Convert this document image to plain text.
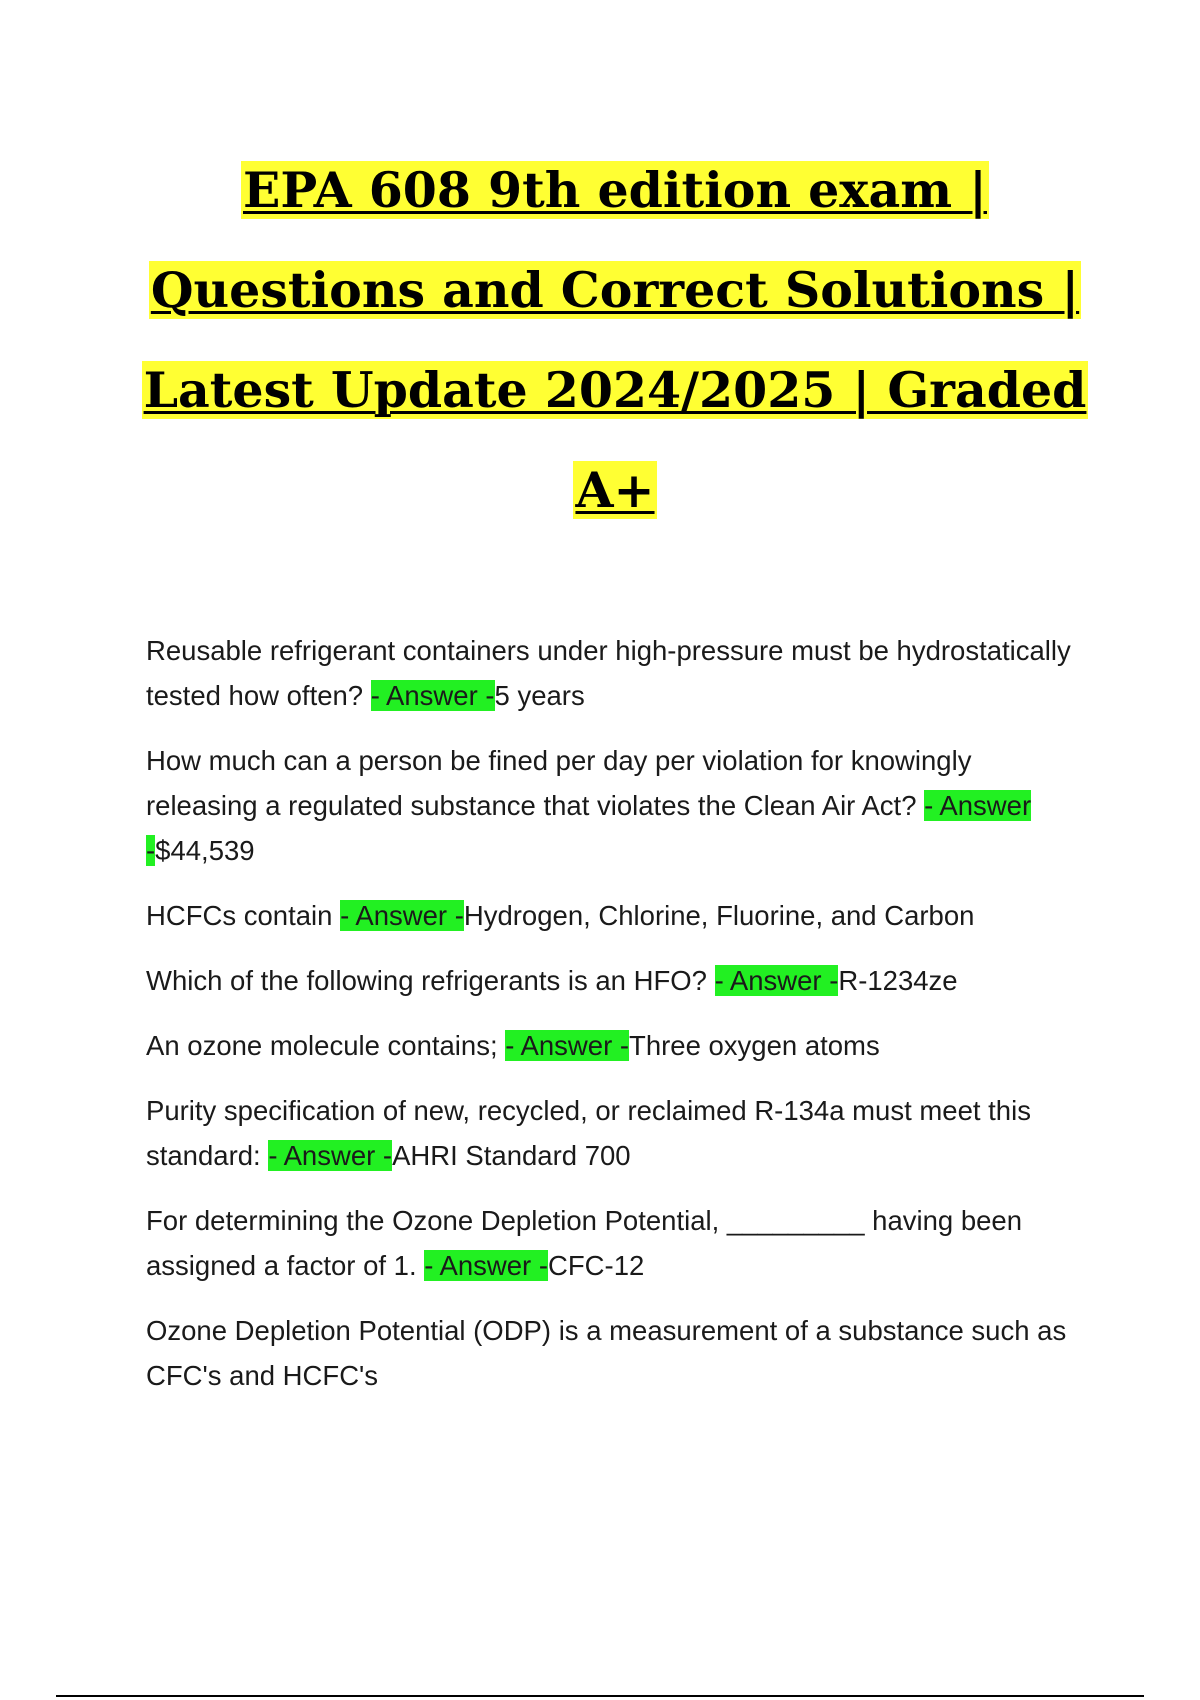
EPA 608 9th edition exam |
Questions and Correct Solutions |
Latest Update 2024/2025 | Graded
A+

Reusable refrigerant containers under high-pressure must be hydrostatically tested how often? - Answer -5 years

How much can a person be fined per day per violation for knowingly releasing a regulated substance that violates the Clean Air Act? - Answer -$44,539

HCFCs contain - Answer -Hydrogen, Chlorine, Fluorine, and Carbon

Which of the following refrigerants is an HFO? - Answer -R-1234ze

An ozone molecule contains; - Answer -Three oxygen atoms

Purity specification of new, recycled, or reclaimed R-134a must meet this standard: - Answer -AHRI Standard 700

For determining the Ozone Depletion Potential, _________ having been assigned a factor of 1. - Answer -CFC-12

Ozone Depletion Potential (ODP) is a measurement of a substance such as CFC's and HCFC's
